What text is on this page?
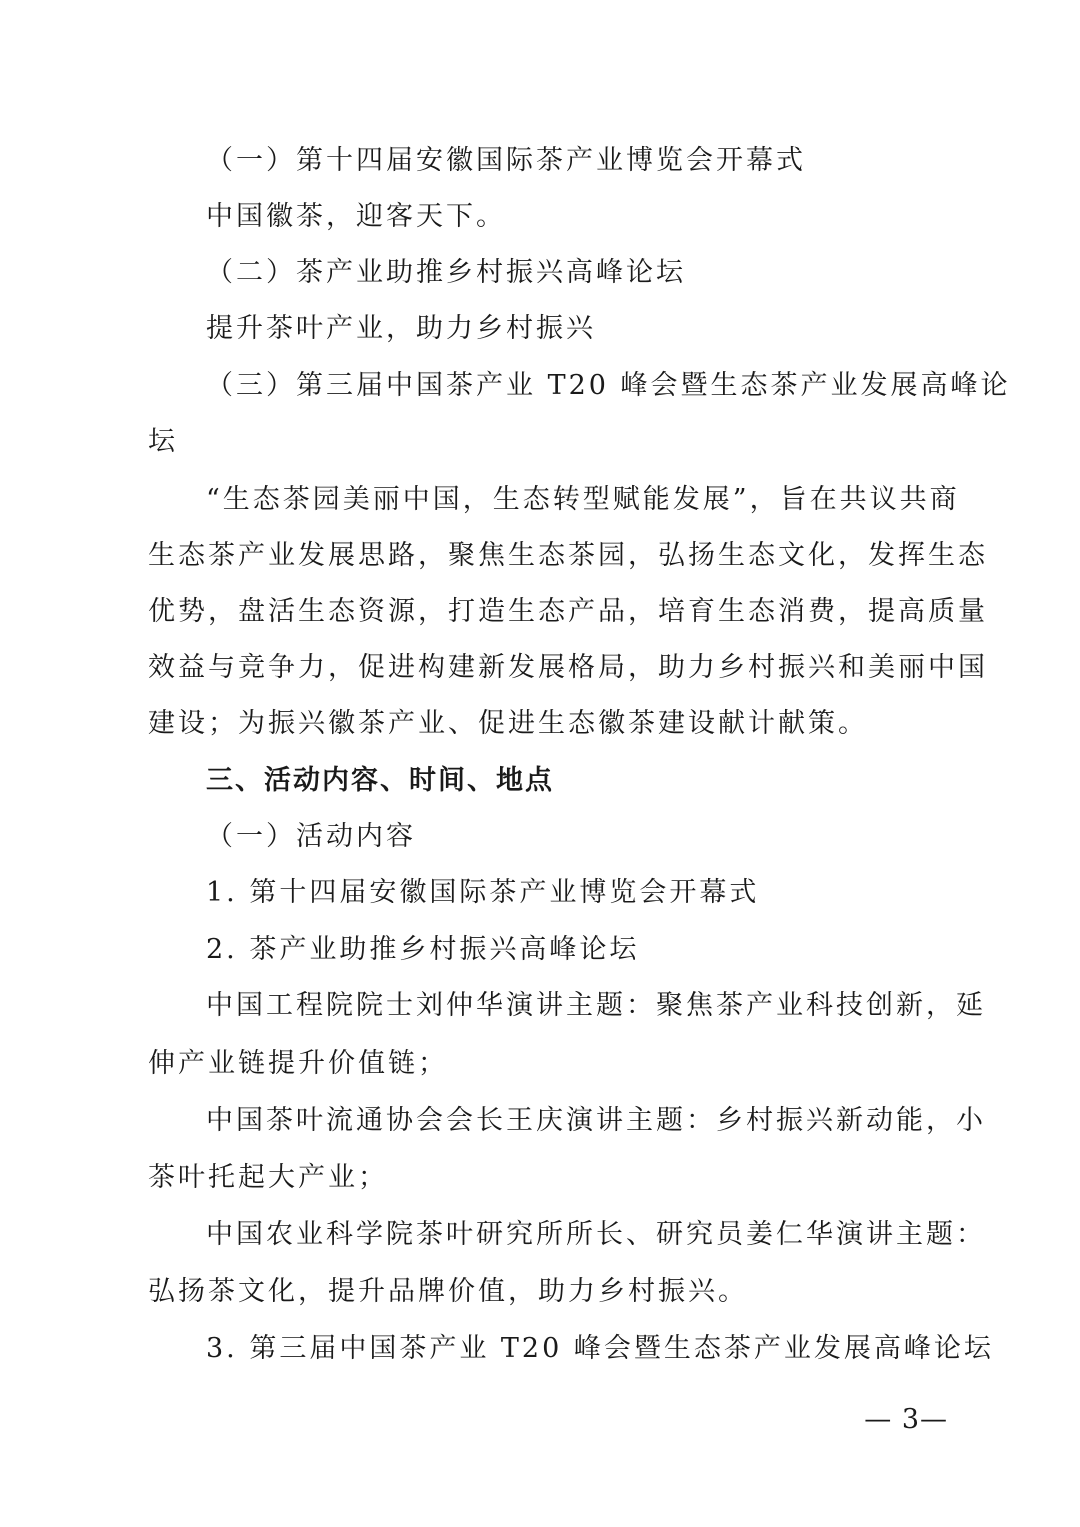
（一）第十四届安徽国际茶产业博览会开幕式
中国徽茶，迎客天下。
（二）茶产业助推乡村振兴高峰论坛
提升茶叶产业，助力乡村振兴
（三）第三届中国茶产业 T20 峰会暨生态茶产业发展高峰论
坛
“生态茶园美丽中国，生态转型赋能发展”，旨在共议共商
生态茶产业发展思路，聚焦生态茶园，弘扬生态文化，发挥生态
优势，盘活生态资源，打造生态产品，培育生态消费，提高质量
效益与竞争力，促进构建新发展格局，助力乡村振兴和美丽中国
建设；为振兴徽茶产业、促进生态徽茶建设献计献策。
三、活动内容、时间、地点
（一）活动内容
1. 第十四届安徽国际茶产业博览会开幕式
2. 茶产业助推乡村振兴高峰论坛
中国工程院院士刘仲华演讲主题：聚焦茶产业科技创新，延
伸产业链提升价值链；
中国茶叶流通协会会长王庆演讲主题：乡村振兴新动能，小
茶叶托起大产业；
中国农业科学院茶叶研究所所长、研究员姜仁华演讲主题：
弘扬茶文化，提升品牌价值，助力乡村振兴。
3. 第三届中国茶产业 T20 峰会暨生态茶产业发展高峰论坛
— 3—
